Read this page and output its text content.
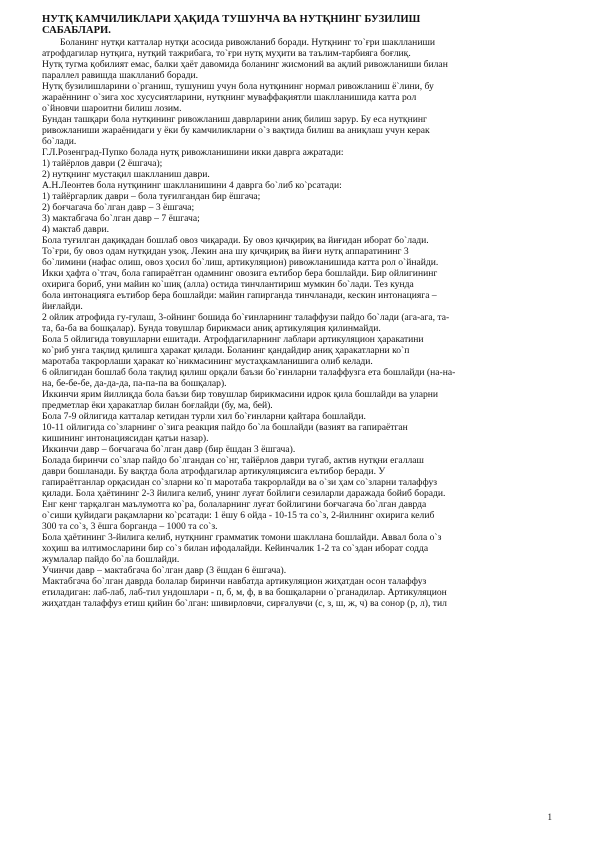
НУТҚ КАМЧИЛИКЛАРИ ҲАҚИДА ТУШУНЧА ВА НУТҚНИНГ БУЗИЛИШ
САБАБЛАРИ.
Боланинг нутқи катталар нутқи асосида ривожланиб боради. Нутқнинг то`ғри шаклланиши
атрофдагилар нутқига, нутқий тажрибага, то`ғри нутқ муҳити ва таълим-тарбияга боғлиқ.
Нутқ тугма қобилият емас, балки ҳаёт давомида боланинг жисмоний ва ақлий ривожланиши билан
параллел равишда шаклланиб боради.
Нутқ бузилишларини о`рганиш, тушуниш учун бола нутқининг нормал ривожланиш ё`лини, бу
жараённинг о`зига хос хусусиятларини, нутқнинг муваффақиятли шаклланишида катта рол
о`йновчи шароитни билиш лозим.
Бундан ташқари бола нутқининг ривожланиш даврларини аниқ билиш зарур. Бу еса нутқнинг
ривожланиши жараёнидаги у ёки бу камчиликларни о`з вақтида билиш ва аниқлаш учун керак
бо`лади.
Г.Л.Розенград-Пупко болада нутқ ривожланишини икки даврга ажратади:
1) тайёрлов даври (2 ёшгача);
2) нутқнинг мустақил шаклланиш даври.
А.Н.Леонтев бола нутқининг шаклланишини 4 даврга бо`либ ко`рсатади:
1) тайёргарлик даври – бола туғилгандан бир ёшгача;
2) боғчагача бо`лган давр – 3 ёшгача;
3) мактабгача бо`лган давр – 7 ёшгача;
4) мактаб даври.
Бола туғилган дақиқадан бошлаб овоз чиқаради. Бу овоз қичқириқ ва йиғидан иборат бо`лади.
То`ғри, бу овоз одам нутқидан узоқ. Лекин ана шу қичқириқ ва йиғи нутқ аппаратининг 3
бо`лимини (нафас олиш, овоз ҳосил бо`лиш, артикуляцион) ривожланишида катта рол о`йнайди.
Икки ҳафта о`тгач, бола гапираётган одамнинг овозига еътибор бера бошлайди. Бир ойлигининг
охирига бориб, уни майин ко`шиқ (алла) остида тинчлантириш мумкин бо`лади. Тез кунда
бола интонацияга еътибор бера бошлайди: майин гапирганда тинчланади, кескин интонацияга –
йиғлайди.
2 ойлик атрофида гу-гулаш, 3-ойнинг бошида бо`ғинларнинг талаффузи пайдо бо`лади (ага-ага, та-
та, ба-ба ва бошқалар). Бунда товушлар бирикмаси аниқ артикуляция қилинмайди.
Бола 5 ойлигида товушларни ешитади. Атрофдагиларнинг лаблари артикуляцион ҳаракатини
ко`риб унга тақлид қилишга ҳаракат қилади. Боланинг қандайдир аниқ ҳаракатларни ко`п
маротаба такрорлаши ҳаракат ко`никмасининг мустаҳкамланишига олиб келади.
6 ойлигидан бошлаб бола тақлид қилиш орқали баъзи бо`ғинларни талаффузга ета бошлайди (на-на-
на, бе-бе-бе, да-да-да, па-па-па ва бошқалар).
Иккинчи ярим йиллиқда бола баъзи бир товушлар бирикмасини идрок қила бошлайди ва уларни
предметлар ёки ҳаракатлар билан боғлайди (бу, ма, бей).
Бола 7-9 ойлигида катталар кетидан турли хил бо`ғинларни қайтара бошлайди.
10-11 ойлигида со`зларнинг о`зига реакция пайдо бо`ла бошлайди (вазият ва гапираётган
кишининг интонациясидан қатъи назар).
Иккинчи давр – боғчагача бо`лган давр (бир ёшдан 3 ёшгача).
Болада биринчи со`злар пайдо бо`лгандан со`нг, тайёрлов даври тугаб, актив нутқни егаллаш
даври бошланади. Бу вақтда бола атрофдагилар артикуляциясига еътибор беради. У
гапираётганлар орқасидан со`зларни ко`п маротаба такрорлайди ва о`зи ҳам со`зларни талаффуз
қилади. Бола ҳаётининг 2-3 йилига келиб, унинг луғат бойлиги сезиларли даражада бойиб боради.
Енг кенг тарқалган маълумотга ко`ра, болаларнинг луғат бойлигини боғчагача бо`лган даврда
о`сиши қуйидаги рақамларни ко`рсатади: 1 ёшу 6 ойда - 10-15 та со`з, 2-йилнинг охирига келиб
300 та со`з, 3 ёшга борганда – 1000 та со`з.
Бола ҳаётининг 3-йилига келиб, нутқнинг грамматик томони шакллана бошлайди. Аввал бола о`з
хоҳиш ва илтимосларини бир со`з билан ифодалайди. Кейинчалик 1-2 та со`здан иборат содда
жумлалар пайдо бо`ла бошлайди.
Учинчи давр – мактабгача бо`лган давр (3 ёшдан 6 ёшгача).
Мактабгача бо`лган даврда болалар биринчи навбатда артикуляцион жиҳатдан осон талаффуз
етиладиган: лаб-лаб, лаб-тил ундошлари - п, б, м, ф, в ва бошқаларни о`рганадилар. Артикуляцион
жиҳатдан талаффуз етиш қийин бо`лган: шивирловчи, сирғалувчи (с, з, ш, ж, ч) ва сонор (р, л), тил
1
